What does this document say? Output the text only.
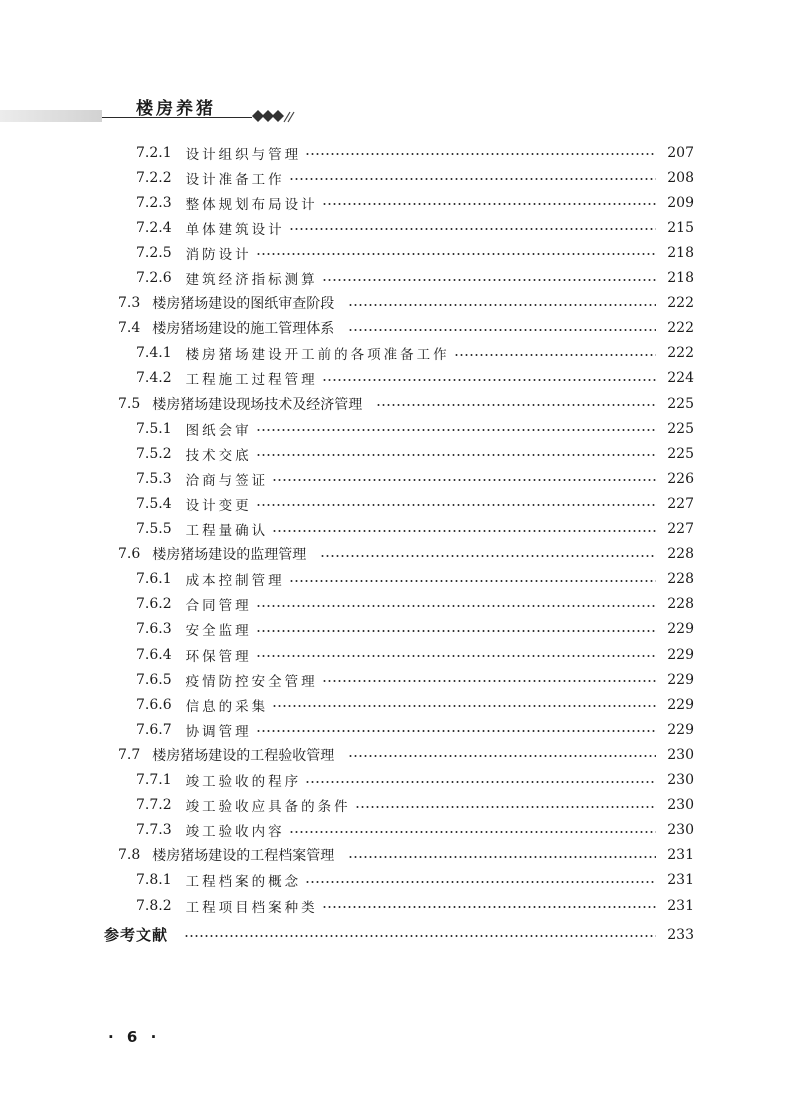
楼房养猪
7.2.1 设计组织与管理	207
7.2.2 设计准备工作	208
7.2.3 整体规划布局设计	209
7.2.4 单体建筑设计	215
7.2.5 消防设计	218
7.2.6 建筑经济指标测算	218
7.3 楼房猪场建设的图纸审查阶段	222
7.4 楼房猪场建设的施工管理体系	222
7.4.1 楼房猪场建设开工前的各项准备工作	222
7.4.2 工程施工过程管理	224
7.5 楼房猪场建设现场技术及经济管理	225
7.5.1 图纸会审	225
7.5.2 技术交底	225
7.5.3 洽商与签证	226
7.5.4 设计变更	227
7.5.5 工程量确认	227
7.6 楼房猪场建设的监理管理	228
7.6.1 成本控制管理	228
7.6.2 合同管理	228
7.6.3 安全监理	229
7.6.4 环保管理	229
7.6.5 疫情防控安全管理	229
7.6.6 信息的采集	229
7.6.7 协调管理	229
7.7 楼房猪场建设的工程验收管理	230
7.7.1 竣工验收的程序	230
7.7.2 竣工验收应具备的条件	230
7.7.3 竣工验收内容	230
7.8 楼房猪场建设的工程档案管理	231
7.8.1 工程档案的概念	231
7.8.2 工程项目档案种类	231
参考文献	233
· 6 ·
